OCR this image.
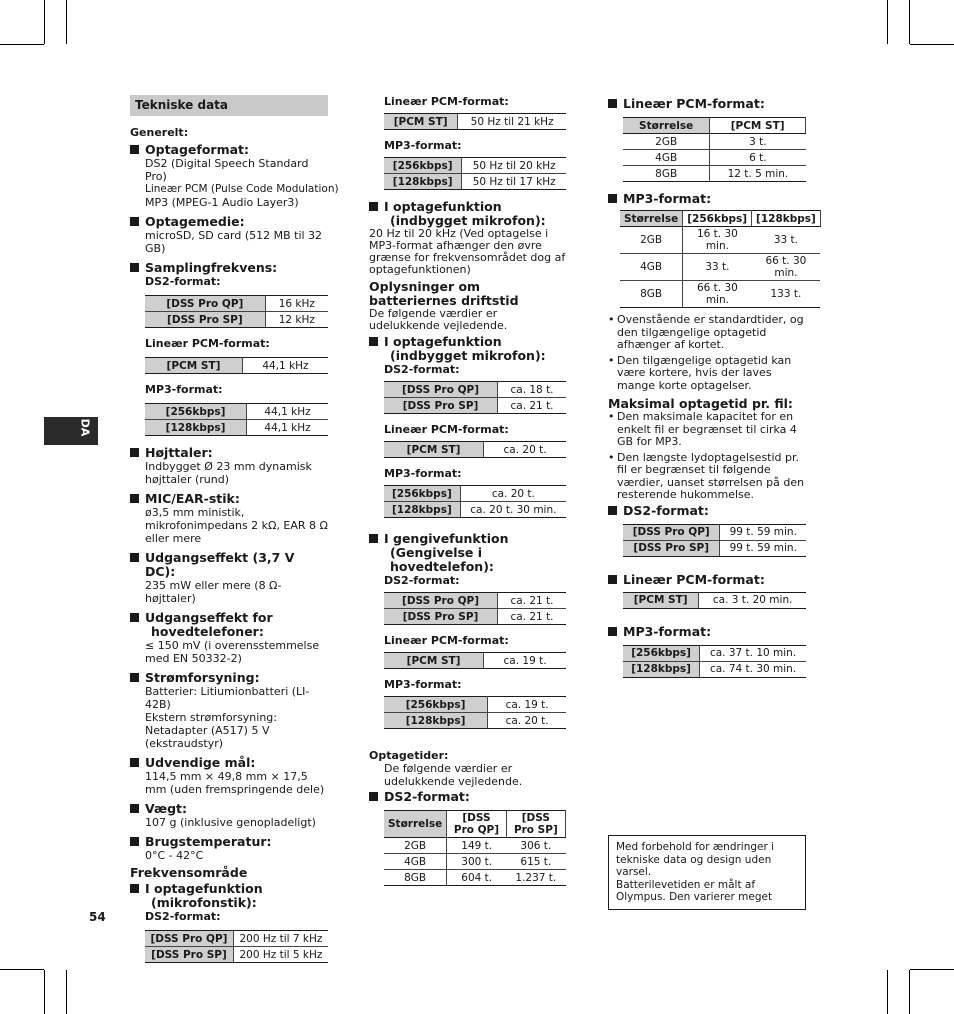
DA
54
Tekniske data
Generelt:
Optageformat:
DS2 (Digital Speech Standard Pro)
Lineær PCM (Pulse Code Modulation)
MP3 (MPEG-1 Audio Layer3)
Optagemedie:
microSD, SD card (512 MB til 32 GB)
Samplingfrekvens:
DS2-format:
[DSS Pro QP]	16 kHz
[DSS Pro SP]	12 kHz
Lineær PCM-format:
[PCM ST]	44,1 kHz
MP3-format:
[256kbps]	44,1 kHz
[128kbps]	44,1 kHz
Højttaler:
Indbygget Ø 23 mm dynamisk højttaler (rund)
MIC/EAR-stik:
ø3,5 mm ministik, mikrofonimpedans 2 kΩ, EAR 8 Ω eller mere
Udgangseffekt (3,7 V DC):
235 mW eller mere (8 Ω-højttaler)
Udgangseffekt for
hovedtelefoner:
≤ 150 mV (i overensstemmelse med EN 50332-2)
Strømforsyning:
Batterier: Litiumionbatteri (LI-42B)
Ekstern strømforsyning: Netadapter (A517) 5 V (ekstraudstyr)
Udvendige mål:
114,5 mm × 49,8 mm × 17,5 mm (uden fremspringende dele)
Vægt:
107 g (inklusive genopladeligt)
Brugstemperatur:
0°C - 42°C
Frekvensområde
I optagefunktion
(mikrofonstik):
DS2-format:
[DSS Pro QP]	200 Hz til 7 kHz
[DSS Pro SP]	200 Hz til 5 kHz
Lineær PCM-format:
[PCM ST]	50 Hz til 21 kHz
MP3-format:
[256kbps]	50 Hz til 20 kHz
[128kbps]	50 Hz til 17 kHz
I optagefunktion
(indbygget mikrofon):
20 Hz til 20 kHz (Ved optagelse i MP3-format afhænger den øvre grænse for frekvensområdet dog af optagefunktionen)
Oplysninger om batteriernes driftstid
De følgende værdier er udelukkende vejledende.
I optagefunktion
(indbygget mikrofon):
DS2-format:
[DSS Pro QP]	ca. 18 t.
[DSS Pro SP]	ca. 21 t.
Lineær PCM-format:
[PCM ST]	ca. 20 t.
MP3-format:
[256kbps]	ca. 20 t.
[128kbps]	ca. 20 t. 30 min.
I gengivefunktion
(Gengivelse i hovedtelefon):
DS2-format:
[DSS Pro QP]	ca. 21 t.
[DSS Pro SP]	ca. 21 t.
Lineær PCM-format:
[PCM ST]	ca. 19 t.
MP3-format:
[256kbps]	ca. 19 t.
[128kbps]	ca. 20 t.
Optagetider:
De følgende værdier er udelukkende vejledende.
DS2-format:
Størrelse	[DSS Pro QP]	[DSS Pro SP]
2GB	149 t.	306 t.
4GB	300 t.	615 t.
8GB	604 t.	1.237 t.
Lineær PCM-format:
Størrelse	[PCM ST]
2GB	3 t.
4GB	6 t.
8GB	12 t. 5 min.
MP3-format:
Størrelse	[256kbps]	[128kbps]
2GB	16 t. 30 min.	33 t.
4GB	33 t.	66 t. 30 min.
8GB	66 t. 30 min.	133 t.
• Ovenstående er standardtider, og den tilgængelige optagetid afhænger af kortet.
• Den tilgængelige optagetid kan være kortere, hvis der laves mange korte optagelser.
Maksimal optagetid pr. fil:
• Den maksimale kapacitet for en enkelt fil er begrænset til cirka 4 GB for MP3.
• Den længste lydoptagelsestid pr. fil er begrænset til følgende værdier, uanset størrelsen på den resterende hukommelse.
DS2-format:
[DSS Pro QP]	99 t. 59 min.
[DSS Pro SP]	99 t. 59 min.
Lineær PCM-format:
[PCM ST]	ca. 3 t. 20 min.
MP3-format:
[256kbps]	ca. 37 t. 10 min.
[128kbps]	ca. 74 t. 30 min.
Med forbehold for ændringer i tekniske data og design uden varsel.
Batterilevetiden er målt af Olympus. Den varierer meget
